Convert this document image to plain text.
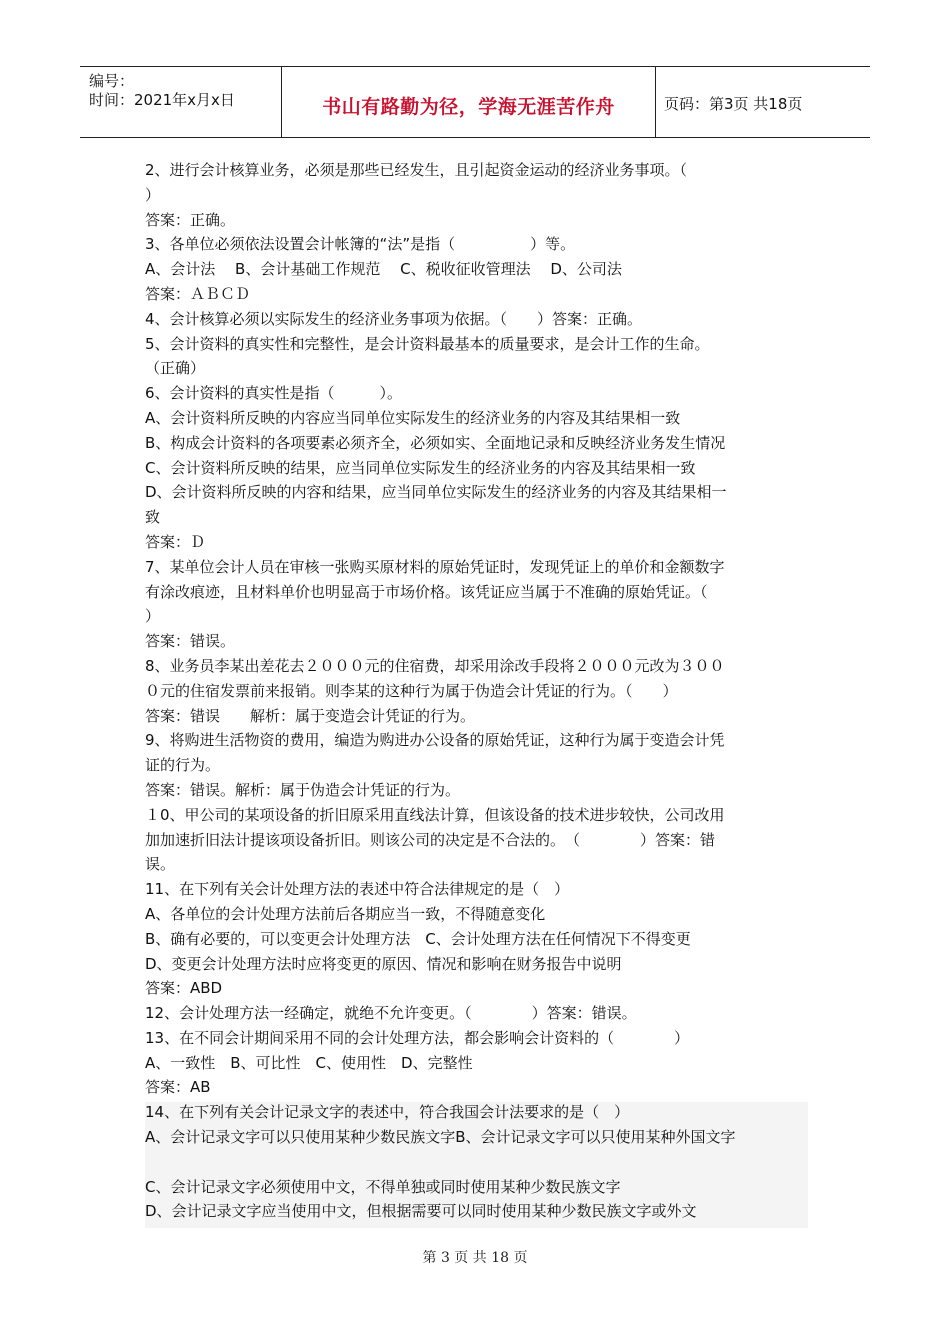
编号：
时间：2021年x月x日	书山有路勤为径，学海无涯苦作舟	页码：第3页 共18页
2、进行会计核算业务，必须是那些已经发生，且引起资金运动的经济业务事项。（
）
答案：正确。
3、各单位必须依法设置会计帐簿的“法”是指（　　　　　）等。
A、会计法　 B、会计基础工作规范　 C、税收征收管理法　 D、公司法
答案：ＡＢＣＤ
4、会计核算必须以实际发生的经济业务事项为依据。（　　）答案：正确。
5、会计资料的真实性和完整性，是会计资料最基本的质量要求，是会计工作的生命。
（正确）
6、会计资料的真实性是指（　　　）。
A、会计资料所反映的内容应当同单位实际发生的经济业务的内容及其结果相一致
B、构成会计资料的各项要素必须齐全，必须如实、全面地记录和反映经济业务发生情况
C、会计资料所反映的结果，应当同单位实际发生的经济业务的内容及其结果相一致
D、会计资料所反映的内容和结果，应当同单位实际发生的经济业务的内容及其结果相一
致
答案：Ｄ
7、某单位会计人员在审核一张购买原材料的原始凭证时，发现凭证上的单价和金额数字
有涂改痕迹，且材料单价也明显高于市场价格。该凭证应当属于不准确的原始凭证。（
）
答案：错误。
8、业务员李某出差花去２０００元的住宿费，却采用涂改手段将２０００元改为３００
０元的住宿发票前来报销。则李某的这种行为属于伪造会计凭证的行为。（　　）
答案：错误　　解析：属于变造会计凭证的行为。
9、将购进生活物资的费用，编造为购进办公设备的原始凭证，这种行为属于变造会计凭
证的行为。
答案：错误。解析：属于伪造会计凭证的行为。
１0、甲公司的某项设备的折旧原采用直线法计算，但该设备的技术进步较快，公司改用
加加速折旧法计提该项设备折旧。则该公司的决定是不合法的。　（　　　　）答案：错
误。
11、在下列有关会计处理方法的表述中符合法律规定的是（　）
A、各单位的会计处理方法前后各期应当一致，不得随意变化
B、确有必要的，可以变更会计处理方法　C、会计处理方法在任何情况下不得变更
D、变更会计处理方法时应将变更的原因、情况和影响在财务报告中说明
答案：ABD
12、会计处理方法一经确定，就绝不允许变更。（　　　　）答案：错误。
13、在不同会计期间采用不同的会计处理方法，都会影响会计资料的（　　　　）
A、一致性　B、可比性　C、使用性　D、完整性
答案：AB
14、在下列有关会计记录文字的表述中，符合我国会计法要求的是（　）
A、会计记录文字可以只使用某种少数民族文字B、会计记录文字可以只使用某种外国文字
C、会计记录文字必须使用中文，不得单独或同时使用某种少数民族文字
D、会计记录文字应当使用中文，但根据需要可以同时使用某种少数民族文字或外文
第 3 页 共 18 页
